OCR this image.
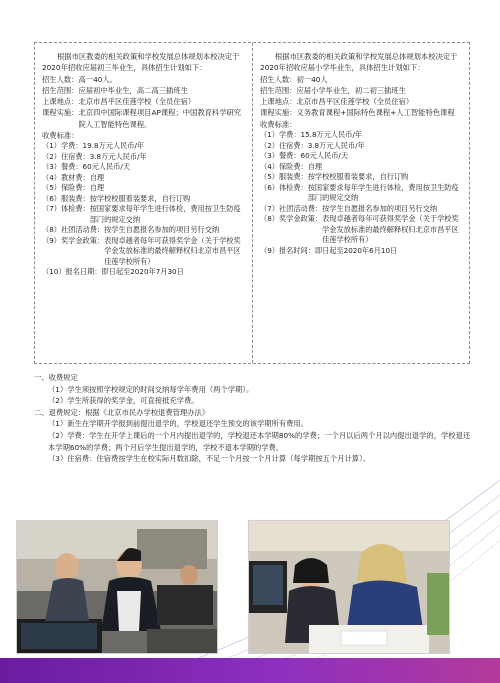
根据市区教委的相关政策和学校发展总体规划本校决定于2020年招收应届初三毕业生，具体招生计划如下：

招生人数： 高一40人。
招生范围： 应届初中毕业生，高二高三插班生
上课地点： 北京市昌平区佳莲学校（全员住宿）
课程实施： 北京四中国际课程项目AP课程；中国教育科学研究院人工智能特色课程。

收费标准：

（1）学费： 19.8万元人民币/年
（2）住宿费： 3.8万元人民币/年
（3）餐费： 60元人民币/天
（4）教材费： 自理
（5）保险费： 自理
（6）服装费： 按学校校服着装要求，自行订购
（7）体检费： 按国家要求每年学生进行体检，费用按卫生防疫部门的规定交纳
（8）社团活动费： 按学生自愿报名参加的项目另行交纳
（9）奖学金政策： 表现卓越者每年可获得奖学金（关于学校奖学金发放标准的最终解释权归北京市昌平区佳莲学校所有）
（10）报名日期： 即日起至2020年7月30日

根据市区教委的相关政策和学校发展总体规划本校决定于2020年招收应届小学毕业生，具体招生计划如下：

招生人数： 初一40人
招生范围： 应届小学毕业生，初二初三插班生
上课地点： 北京市昌平区佳莲学校（全员住宿）
课程实施： 义务教育课程+国际特色课程+人工智能特色课程

收费标准：

（1）学费： 15.8万元人民币/年
（2）住宿费： 3.8万元人民币/年
（3）餐费： 60元人民币/天
（4）保险费： 自理
（5）服装费： 按学校校服着装要求，自行订购
（6）体检费： 按国家要求每年学生进行体检，费用按卫生防疫部门的规定交纳
（7）社团活动费： 按学生自愿报名参加的项目另行交纳
（8）奖学金政策： 表现卓越者每年可获得奖学金（关于学校奖学金发放标准的最终解释权归北京市昌平区佳莲学校所有）
（9）报名时间： 即日起至2020年6月10日
一、收费规定
（1）学生须按照学校规定的时间交纳每学年费用（两个学期）。
（2）学生所获得的奖学金，可直接抵充学费。
二、退费规定：根据《北京市民办学校退费管理办法》
（1）新生在学期开学报到前提出退学的，学校退还学生预交的该学期所有费用。
（2）学费：学生在开学上课后的一个月内提出退学的，学校退还本学期80%的学费；一个月以后两个月以内提出退学的，学校退还本学期60%的学费；两个月后学生提出退学的，学校不退本学期的学费。
（3）住宿费：住宿费按学生在校实际月数扣除，不足一个月按一个月计算（每学期按五个月计算）。
